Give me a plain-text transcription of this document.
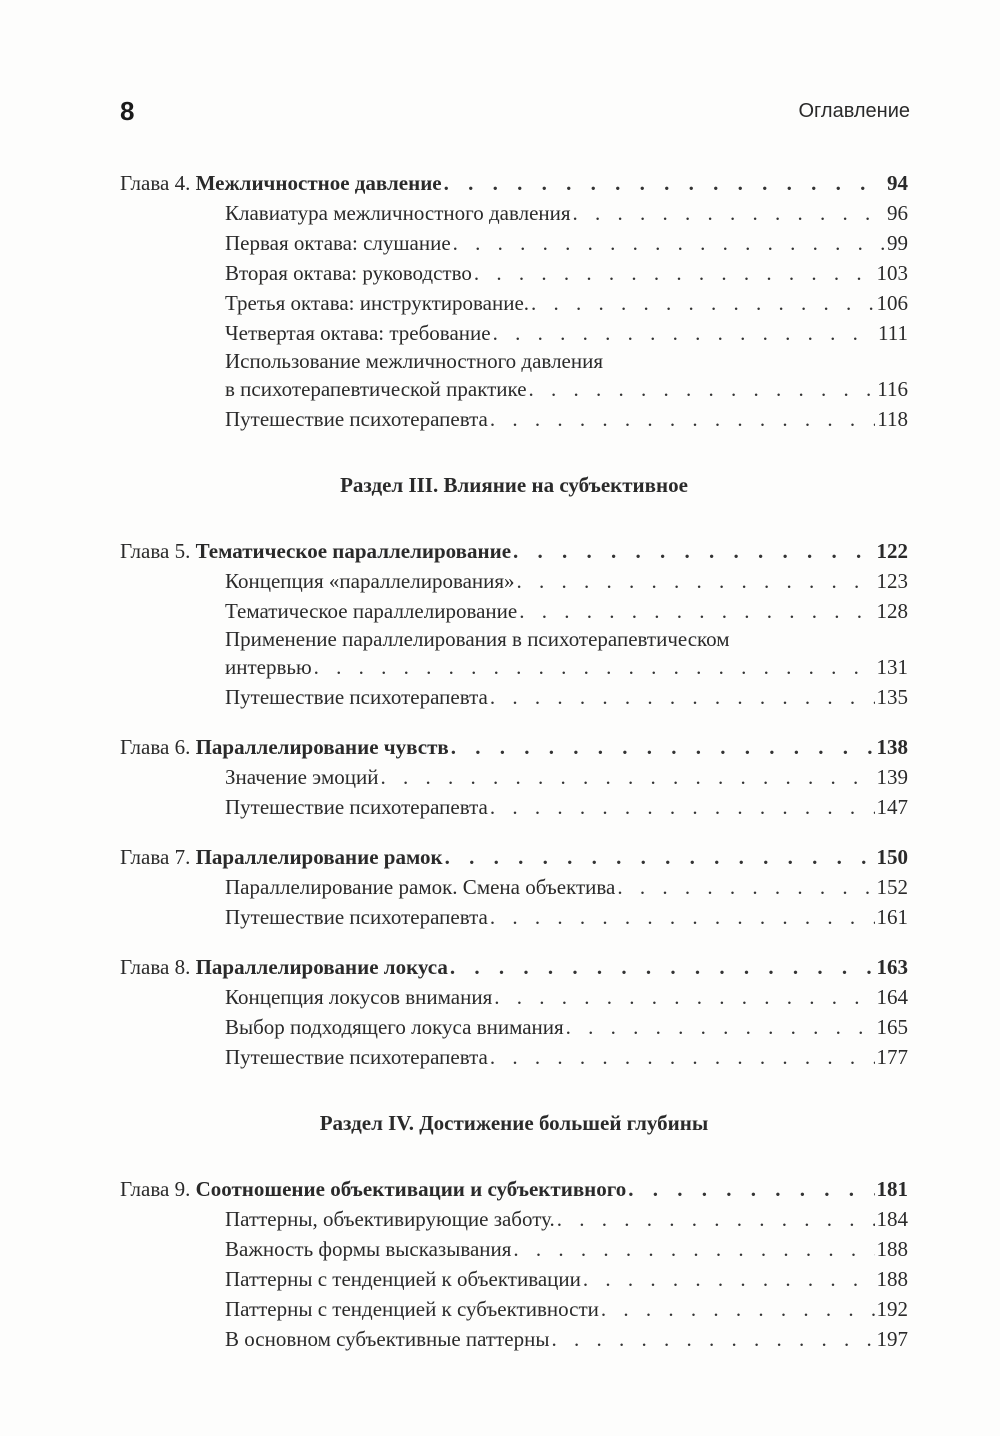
8	Оглавление
Глава 4. Межличностное давление . . .	94
Клавиатура межличностного давления . . .	96
Первая октава: слушание . . .	99
Вторая октава: руководство . . .	103
Третья октава: инструктирование. . . .	106
Четвертая октава: требование . . .	111
Использование межличностного давления
в психотерапевтической практике . . .	116
Путешествие психотерапевта . . .	118
Раздел III. Влияние на субъективное
Глава 5. Тематическое параллелирование . . .	122
Концепция «параллелирования» . . .	123
Тематическое параллелирование . . .	128
Применение параллелирования в психотерапевтическом
интервью . . .	131
Путешествие психотерапевта . . .	135
Глава 6. Параллелирование чувств . . .	138
Значение эмоций . . .	139
Путешествие психотерапевта . . .	147
Глава 7. Параллелирование рамок . . .	150
Параллелирование рамок. Смена объектива . . .	152
Путешествие психотерапевта . . .	161
Глава 8. Параллелирование локуса . . .	163
Концепция локусов внимания . . .	164
Выбор подходящего локуса внимания . . .	165
Путешествие психотерапевта . . .	177
Раздел IV. Достижение большей глубины
Глава 9. Соотношение объективации и субъективного . . .	181
Паттерны, объективирующие заботу. . . .	184
Важность формы высказывания . . .	188
Паттерны с тенденцией к объективации . . .	188
Паттерны с тенденцией к субъективности . . .	192
В основном субъективные паттерны . . .	197
